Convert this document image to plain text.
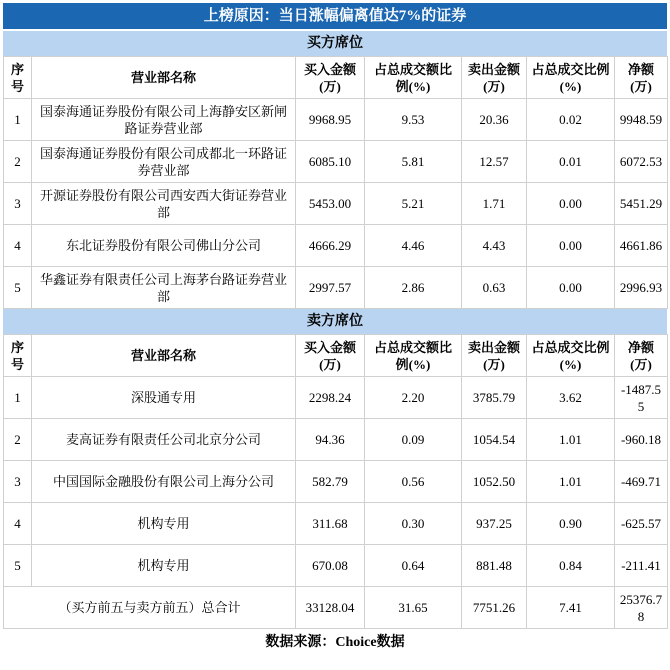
上榜原因：当日涨幅偏离值达7%的证券
买方席位
序号	营业部名称	买入金额(万)	占总成交额比例(%)	卖出金额(万)	占总成交比例(%)	净额(万)
1	国泰海通证券股份有限公司上海静安区新闸路证券营业部	9968.95	9.53	20.36	0.02	9948.59
2	国泰海通证券股份有限公司成都北一环路证券营业部	6085.10	5.81	12.57	0.01	6072.53
3	开源证券股份有限公司西安西大街证券营业部	5453.00	5.21	1.71	0.00	5451.29
4	东北证券股份有限公司佛山分公司	4666.29	4.46	4.43	0.00	4661.86
5	华鑫证券有限责任公司上海茅台路证券营业部	2997.57	2.86	0.63	0.00	2996.93
卖方席位
序号	营业部名称	买入金额(万)	占总成交额比例(%)	卖出金额(万)	占总成交比例(%)	净额(万)
1	深股通专用	2298.24	2.20	3785.79	3.62	-1487.55
2	麦高证券有限责任公司北京分公司	94.36	0.09	1054.54	1.01	-960.18
3	中国国际金融股份有限公司上海分公司	582.79	0.56	1052.50	1.01	-469.71
4	机构专用	311.68	0.30	937.25	0.90	-625.57
5	机构专用	670.08	0.64	881.48	0.84	-211.41
（买方前五与卖方前五）总合计		33128.04	31.65	7751.26	7.41	25376.78
数据来源：Choice数据
